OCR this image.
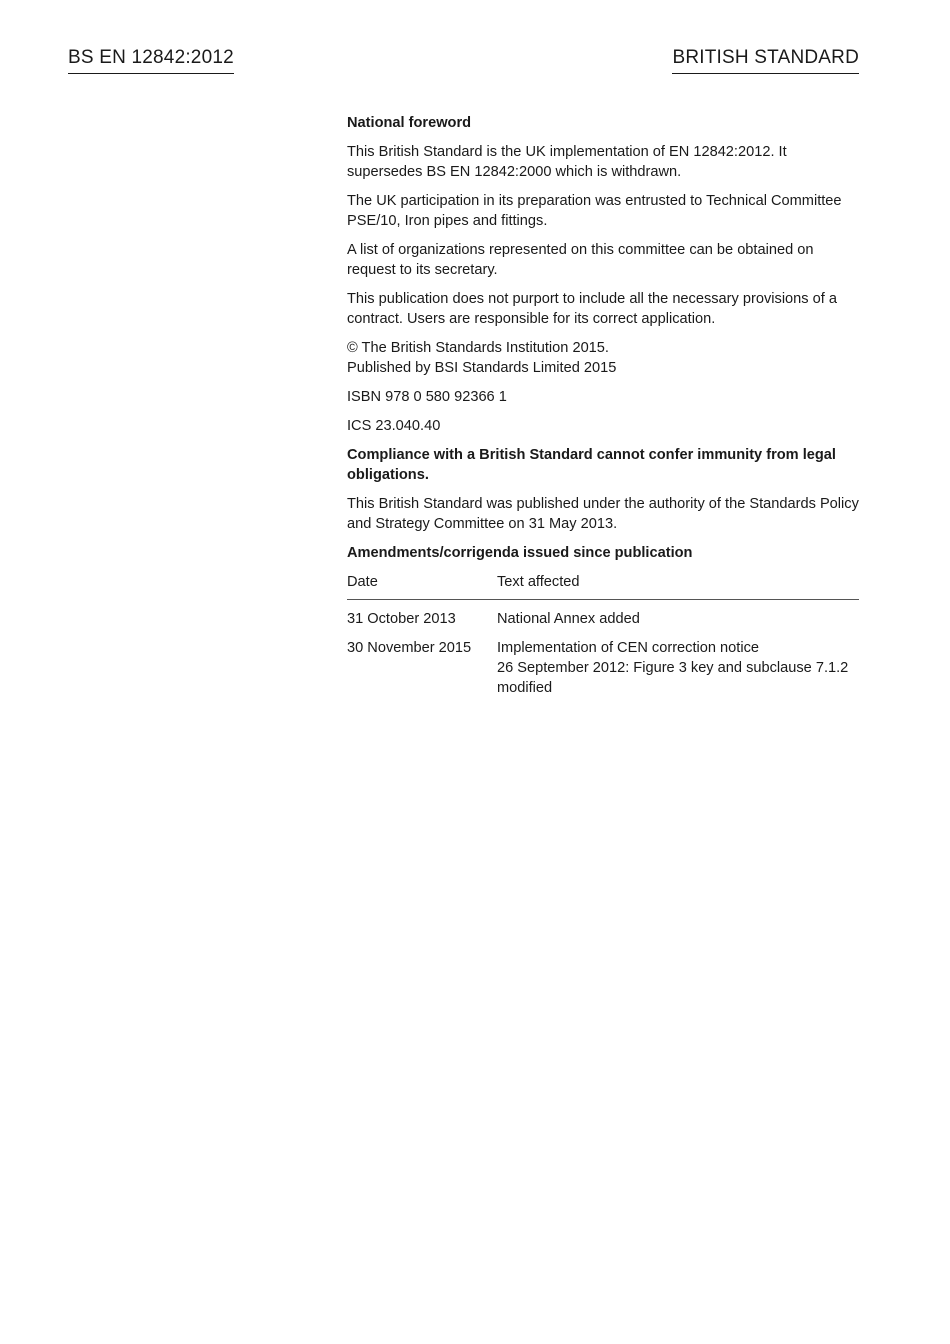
BS EN 12842:2012	BRITISH STANDARD

National foreword

This British Standard is the UK implementation of EN 12842:2012. It supersedes BS EN 12842:2000 which is withdrawn.

The UK participation in its preparation was entrusted to Technical Committee PSE/10, Iron pipes and fittings.

A list of organizations represented on this committee can be obtained on request to its secretary.

This publication does not purport to include all the necessary provisions of a contract. Users are responsible for its correct application.

© The British Standards Institution 2015.
Published by BSI Standards Limited 2015

ISBN 978 0 580 92366 1

ICS 23.040.40

Compliance with a British Standard cannot confer immunity from legal obligations.

This British Standard was published under the authority of the Standards Policy and Strategy Committee on 31 May 2013.

Amendments/corrigenda issued since publication

Date	Text affected
31 October 2013	National Annex added

30 November 2015	Implementation of CEN correction notice
26 September 2012: Figure 3 key and subclause 7.1.2 modified
